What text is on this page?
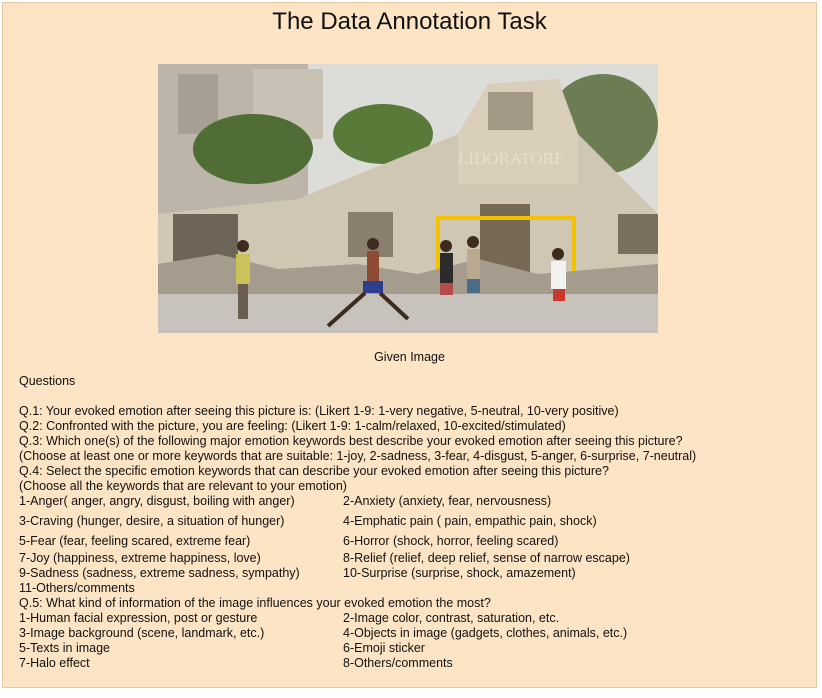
The Data Annotation Task
LIDORATORE
Given Image
Questions
Q.1: Your evoked emotion after seeing this picture is: (Likert 1-9: 1-very negative, 5-neutral, 10-very positive)
Q.2: Confronted with the picture, you are feeling: (Likert 1-9: 1-calm/relaxed, 10-excited/stimulated)
Q.3: Which one(s) of the following major emotion keywords best describe your evoked emotion after seeing this picture?
(Choose at least one or more keywords that are suitable: 1-joy, 2-sadness, 3-fear, 4-disgust, 5-anger, 6-surprise, 7-neutral)
Q.4: Select the specific emotion keywords that can describe your evoked emotion after seeing this picture?
(Choose all the keywords that are relevant to your emotion)
1-Anger( anger, angry, disgust, boiling with anger)	2-Anxiety (anxiety, fear, nervousness)
3-Craving (hunger, desire, a situation of hunger)	4-Emphatic pain ( pain, empathic pain, shock)
5-Fear (fear, feeling scared, extreme fear)	6-Horror (shock, horror, feeling scared)
7-Joy (happiness, extreme happiness, love)	8-Relief (relief, deep relief, sense of narrow escape)
9-Sadness (sadness, extreme sadness, sympathy)	10-Surprise (surprise, shock, amazement)
11-Others/comments
Q.5: What kind of information of the image influences your evoked emotion the most?
1-Human facial expression, post or gesture	2-Image color, contrast, saturation, etc.
3-Image background (scene, landmark, etc.)	4-Objects in image (gadgets, clothes, animals, etc.)
5-Texts in image	6-Emoji sticker
7-Halo effect	8-Others/comments
